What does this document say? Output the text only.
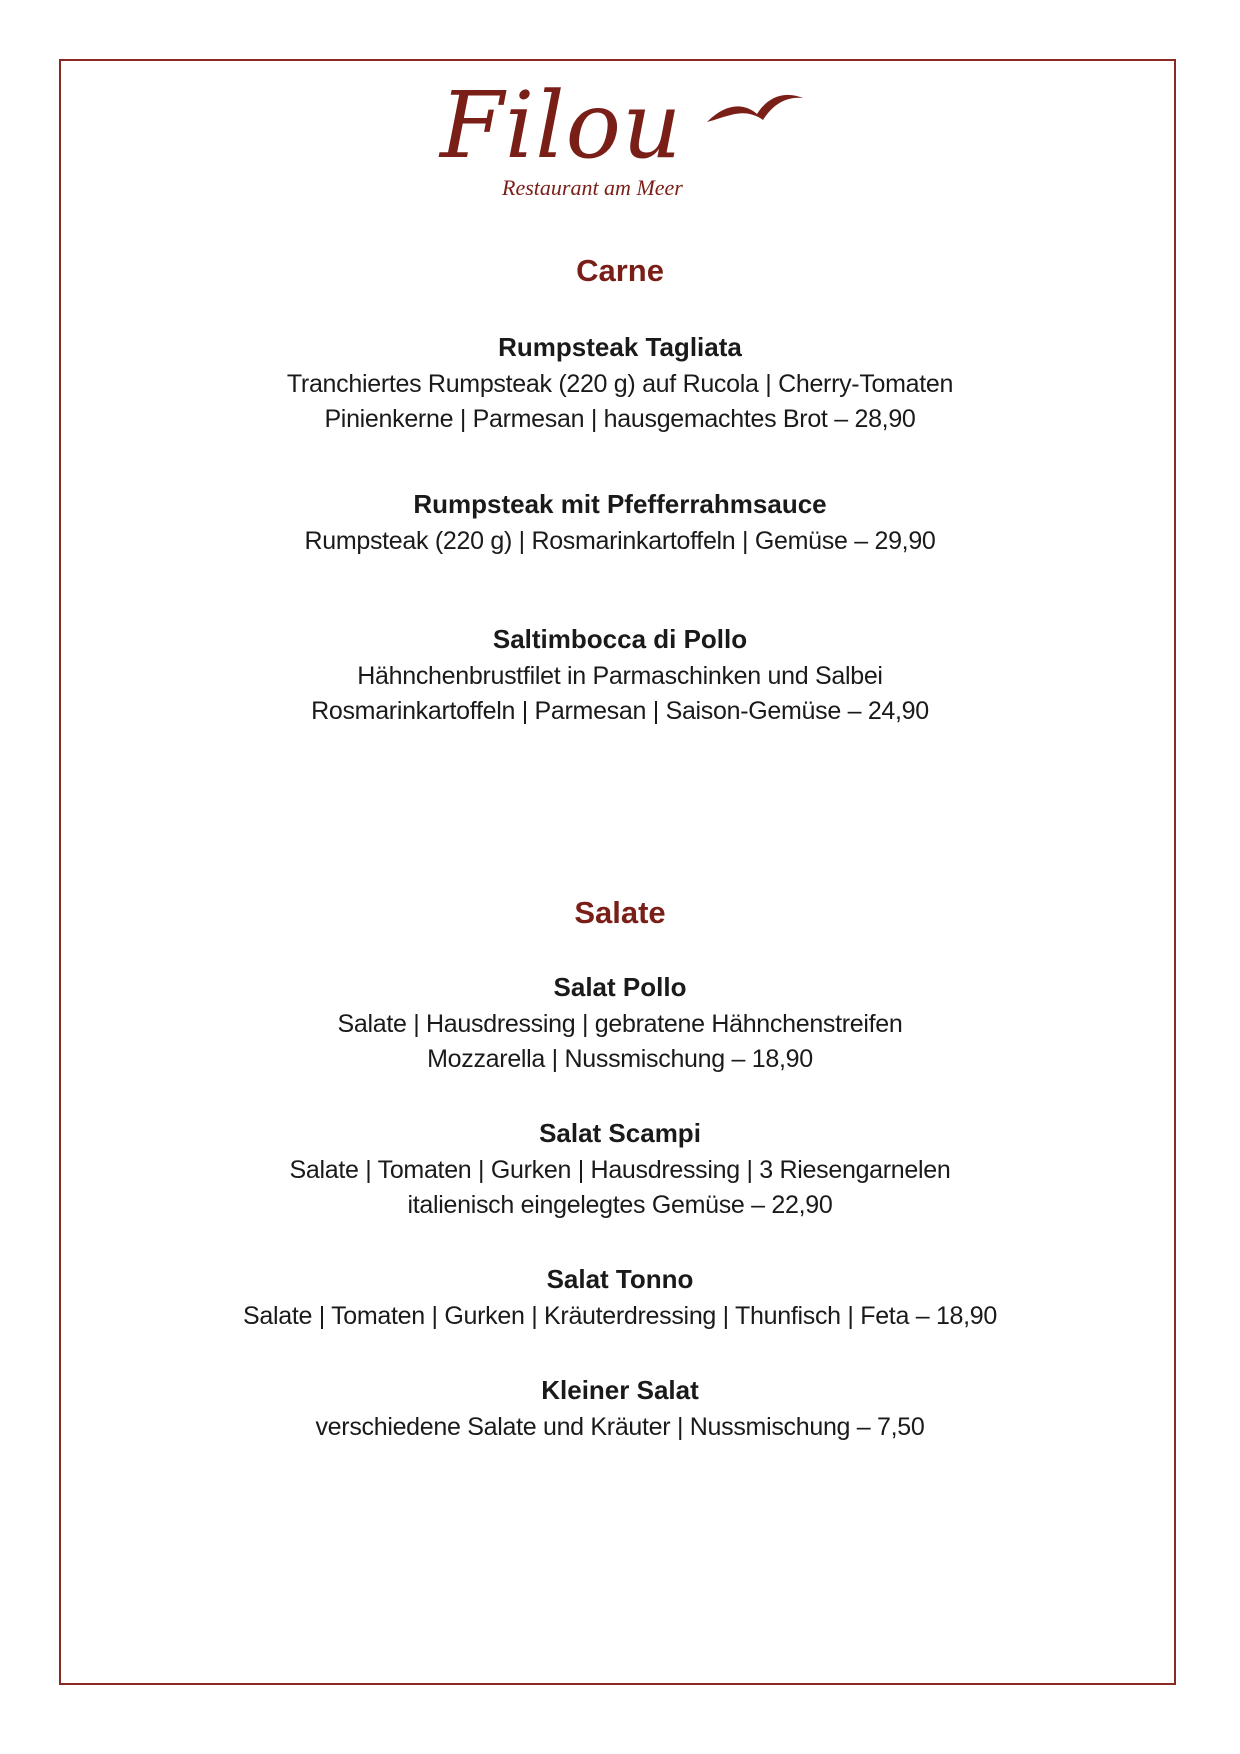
Filou
Restaurant am Meer
Carne
Rumpsteak Tagliata
Tranchiertes Rumpsteak (220 g) auf Rucola | Cherry-Tomaten
Pinienkerne | Parmesan | hausgemachtes Brot – 28,90
Rumpsteak mit Pfefferrahmsauce
Rumpsteak (220 g) | Rosmarinkartoffeln | Gemüse – 29,90
Saltimbocca di Pollo
Hähnchenbrustfilet in Parmaschinken und Salbei
Rosmarinkartoffeln | Parmesan | Saison-Gemüse – 24,90
Salate
Salat Pollo
Salate | Hausdressing | gebratene Hähnchenstreifen
Mozzarella | Nussmischung – 18,90
Salat Scampi
Salate | Tomaten | Gurken | Hausdressing | 3 Riesengarnelen
italienisch eingelegtes Gemüse – 22,90
Salat Tonno
Salate | Tomaten | Gurken | Kräuterdressing | Thunfisch | Feta – 18,90
Kleiner Salat
verschiedene Salate und Kräuter | Nussmischung – 7,50
